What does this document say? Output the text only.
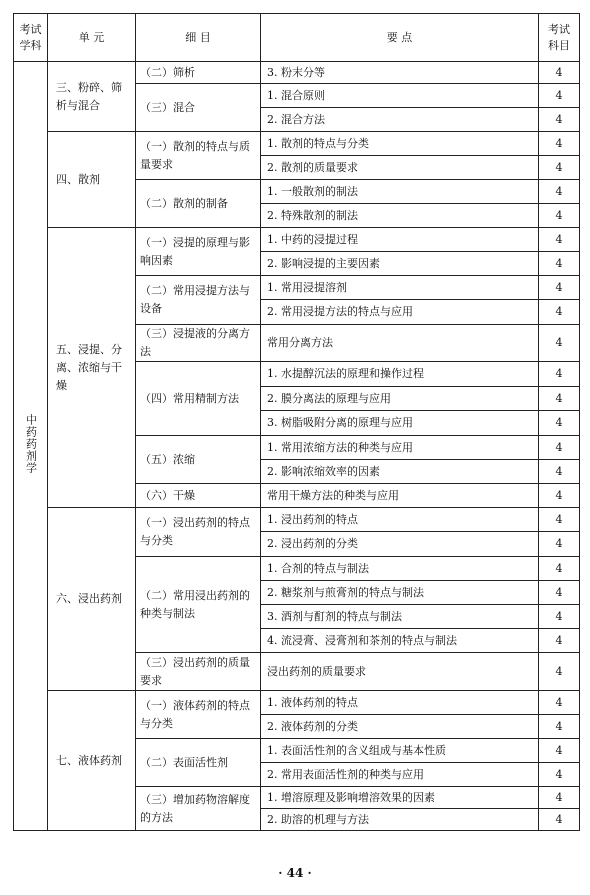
考试学科	单 元	细 目	要 点	考试科目
中药药剂学	三、粉碎、筛析与混合	（二）筛析	3. 粉末分等	4
		（三）混合	1. 混合原则	4
			2. 混合方法	4
	四、散剂	（一）散剂的特点与质量要求	1. 散剂的特点与分类	4
			2. 散剂的质量要求	4
		（二）散剂的制备	1. 一般散剂的制法	4
			2. 特殊散剂的制法	4
	五、浸提、分离、浓缩与干燥	（一）浸提的原理与影响因素	1. 中药的浸提过程	4
			2. 影响浸提的主要因素	4
		（二）常用浸提方法与设备	1. 常用浸提溶剂	4
			2. 常用浸提方法的特点与应用	4
		（三）浸提液的分离方法	常用分离方法	4
		（四）常用精制方法	1. 水提醇沉法的原理和操作过程	4
			2. 膜分离法的原理与应用	4
			3. 树脂吸附分离的原理与应用	4
		（五）浓缩	1. 常用浓缩方法的种类与应用	4
			2. 影响浓缩效率的因素	4
		（六）干燥	常用干燥方法的种类与应用	4
	六、浸出药剂	（一）浸出药剂的特点与分类	1. 浸出药剂的特点	4
			2. 浸出药剂的分类	4
		（二）常用浸出药剂的种类与制法	1. 合剂的特点与制法	4
			2. 糖浆剂与煎膏剂的特点与制法	4
			3. 酒剂与酊剂的特点与制法	4
			4. 流浸膏、浸膏剂和茶剂的特点与制法	4
		（三）浸出药剂的质量要求	浸出药剂的质量要求	4
	七、液体药剂	（一）液体药剂的特点与分类	1. 液体药剂的特点	4
			2. 液体药剂的分类	4
		（二）表面活性剂	1. 表面活性剂的含义组成与基本性质	4
			2. 常用表面活性剂的种类与应用	4
		（三）增加药物溶解度的方法	1. 增溶原理及影响增溶效果的因素	4
			2. 助溶的机理与方法	4
· 44 ·
